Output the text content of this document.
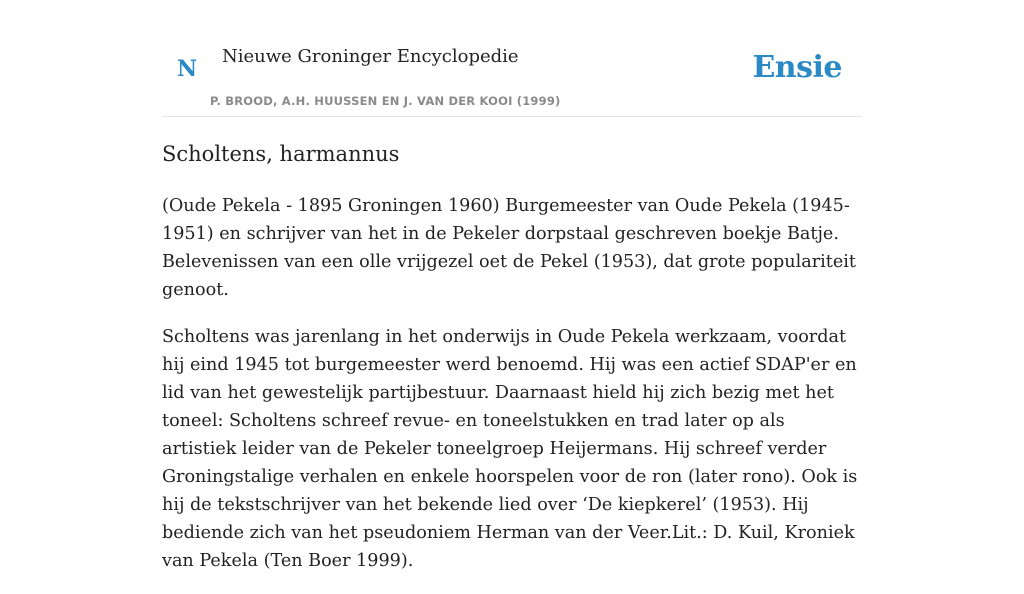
N Nieuwe Groninger Encyclopedie
P. BROOD, A.H. HUUSSEN EN J. VAN DER KOOI (1999)
Ensie
Scholtens, harmannus

(Oude Pekela - 1895 Groningen 1960) Burgemeester van Oude Pekela (1945-1951) en schrijver van het in de Pekeler dorpstaal geschreven boekje Batje. Belevenissen van een olle vrijgezel oet de Pekel (1953), dat grote populariteit genoot.

Scholtens was jarenlang in het onderwijs in Oude Pekela werkzaam, voordat hij eind 1945 tot burgemeester werd benoemd. Hij was een actief SDAP'er en lid van het gewestelijk partijbestuur. Daarnaast hield hij zich bezig met het toneel: Scholtens schreef revue- en toneelstukken en trad later op als artistiek leider van de Pekeler toneelgroep Heijermans. Hij schreef verder Groningstalige verhalen en enkele hoorspelen voor de ron (later rono). Ook is hij de tekstschrijver van het bekende lied over ‘De kiepkerel’ (1953). Hij bediende zich van het pseudoniem Herman van der Veer.Lit.: D. Kuil, Kroniek van Pekela (Ten Boer 1999).
